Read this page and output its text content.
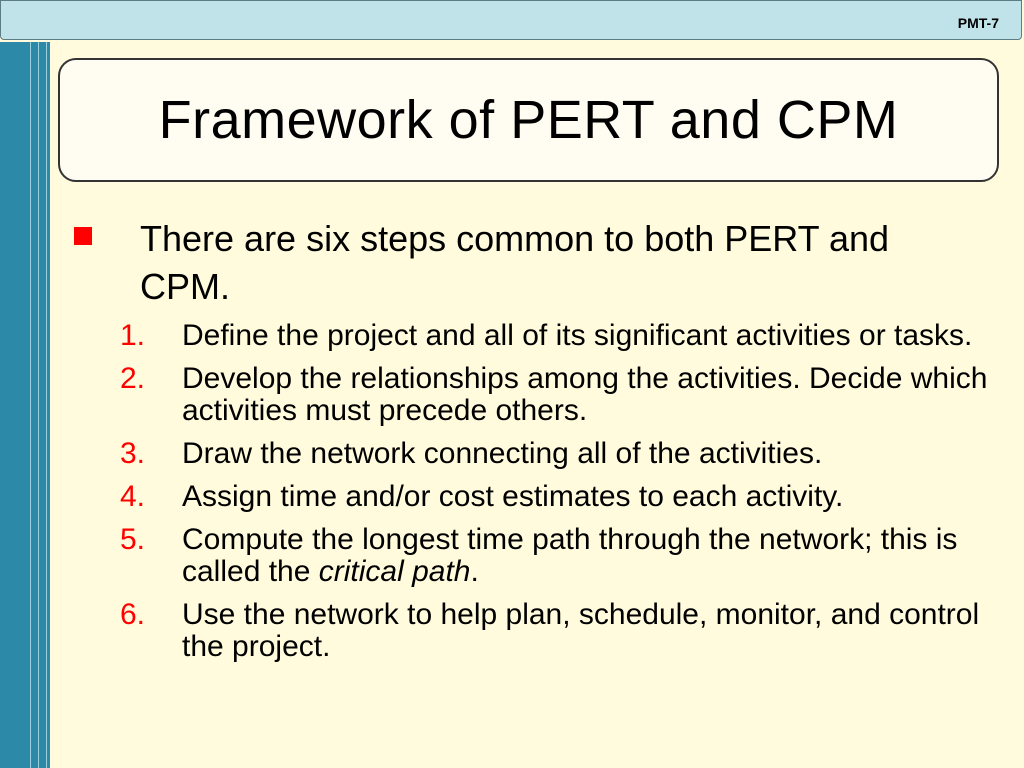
PMT-7
Framework of PERT and CPM
There are six steps common to both PERT and CPM.
1. Define the project and all of its significant activities or tasks.
2. Develop the relationships among the activities. Decide which activities must precede others.
3. Draw the network connecting all of the activities.
4. Assign time and/or cost estimates to each activity.
5. Compute the longest time path through the network; this is called the critical path.
6. Use the network to help plan, schedule, monitor, and control the project.
